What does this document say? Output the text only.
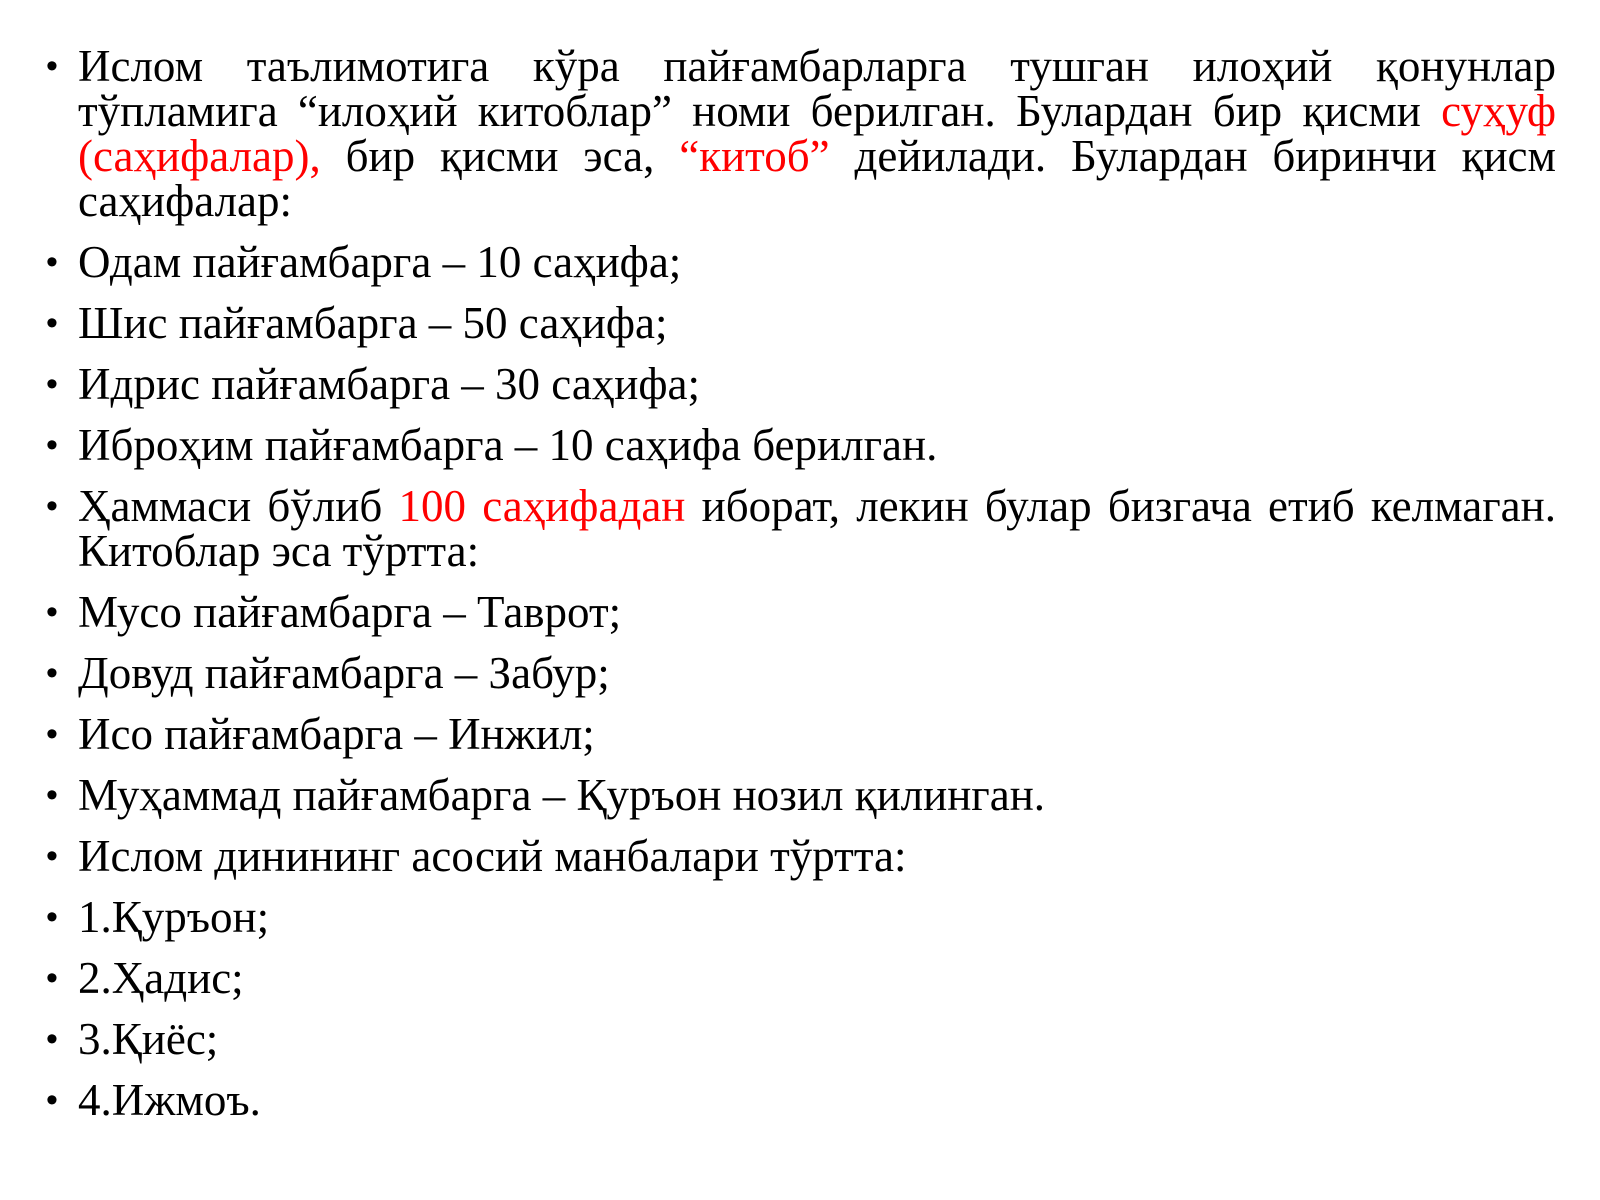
• Ислом таълимотига кўра пайғамбарларга тушган илоҳий қонунлар тўпламига “илоҳий китоблар” номи берилган. Булардан бир қисми суҳуф (саҳифалар), бир қисми эса, “китоб” дейилади. Булардан биринчи қисм саҳифалар:
• Одам пайғамбарга – 10 саҳифа;
• Шис пайғамбарга – 50 саҳифа;
• Идрис пайғамбарга – 30 саҳифа;
• Иброҳим пайғамбарга – 10 саҳифа берилган.
• Ҳаммаси бўлиб 100 саҳифадан иборат, лекин булар бизгача етиб келмаган. Китоблар эса тўртта:
• Мусо пайғамбарга – Таврот;
• Довуд пайғамбарга – Забур;
• Исо пайғамбарга – Инжил;
• Муҳаммад пайғамбарга – Қуръон нозил қилинган.
• Ислом динининг асосий манбалари тўртта:
• 1.Қуръон;
• 2.Ҳадис;
• 3.Қиёс;
• 4.Ижмоъ.
